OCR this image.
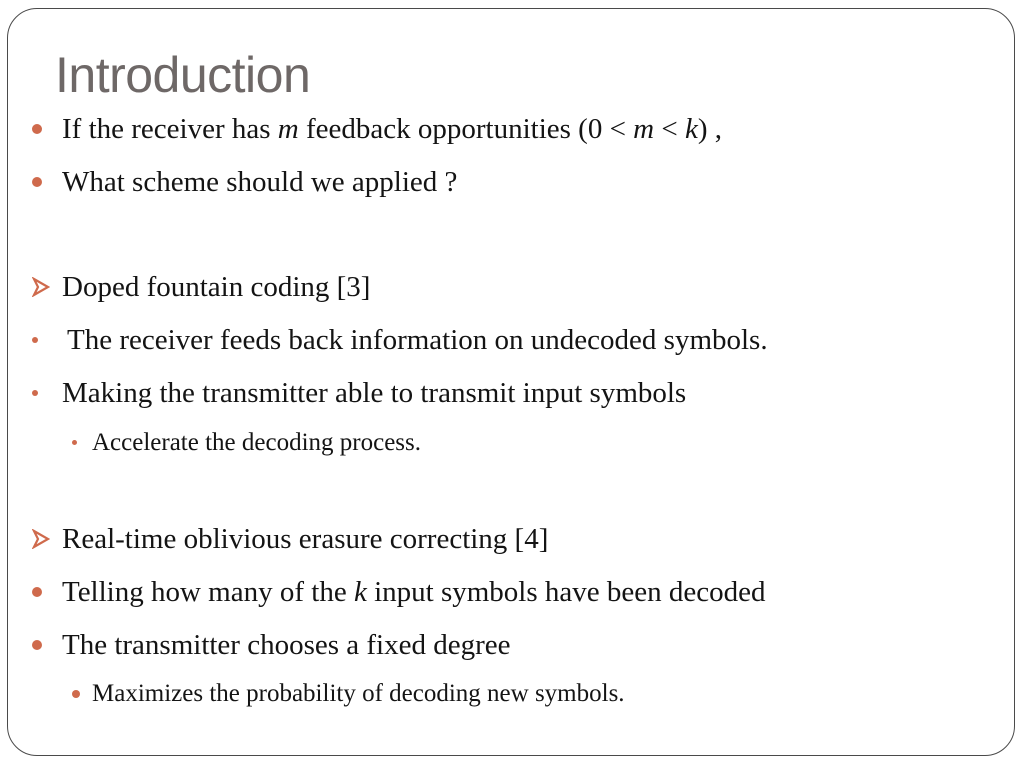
Introduction
If the receiver has m feedback opportunities (0 < m < k) ,
What scheme should we applied ?
Doped fountain coding [3]
The receiver feeds back information on undecoded symbols.
Making the transmitter able to transmit input symbols
Accelerate the decoding process.
Real-time oblivious erasure correcting [4]
Telling how many of the k input symbols have been decoded
The transmitter chooses a fixed degree
Maximizes the probability of decoding new symbols.
